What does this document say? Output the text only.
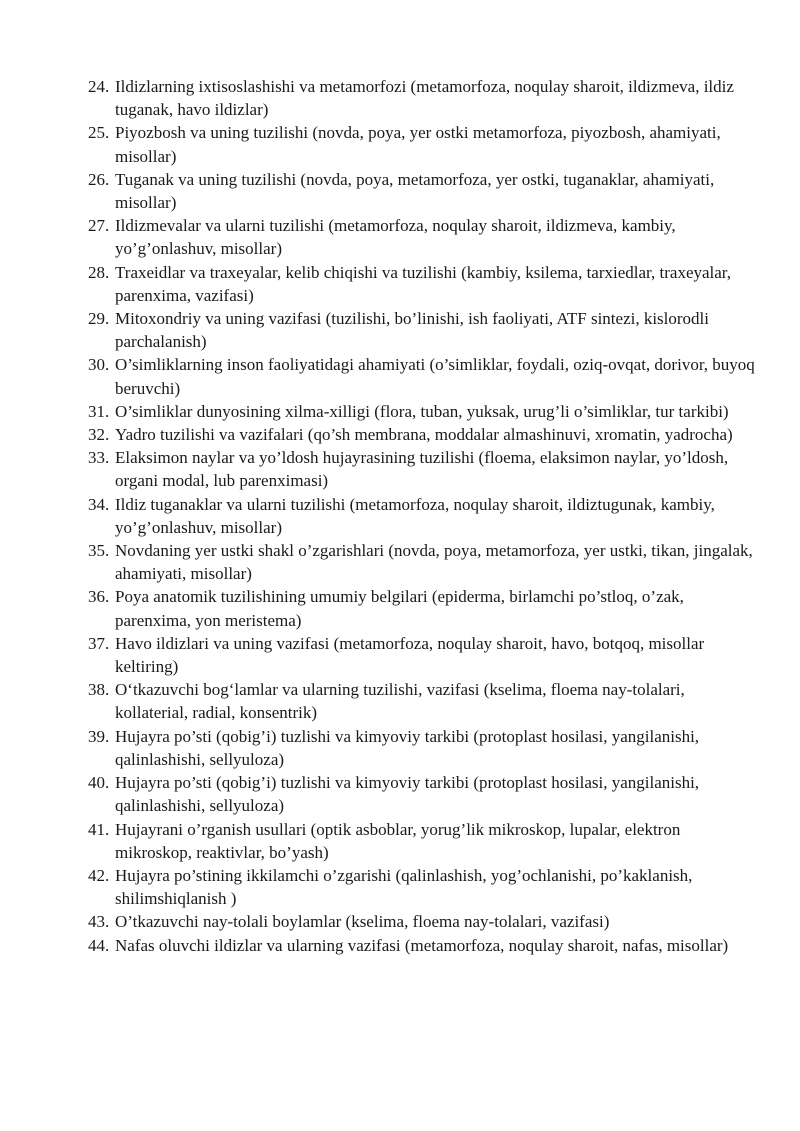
24. Ildizlarning ixtisoslashishi va metamorfozi (metamorfoza, noqulay sharoit, ildizmeva, ildiz tuganak, havo ildizlar)
25. Piyozbosh va uning tuzilishi (novda, poya, yer ostki metamorfoza, piyozbosh, ahamiyati, misollar)
26. Tuganak va uning tuzilishi (novda, poya, metamorfoza, yer ostki, tuganaklar, ahamiyati, misollar)
27. Ildizmevalar va ularni tuzilishi (metamorfoza, noqulay sharoit, ildizmeva, kambiy, yo’g’onlashuv, misollar)
28. Traxeidlar va traxeyalar, kelib chiqishi va tuzilishi (kambiy, ksilema, tarxiedlar, traxeyalar, parenxima, vazifasi)
29. Mitoxondriy va uning vazifasi (tuzilishi, bo’linishi, ish faoliyati, ATF sintezi, kislorodli parchalanish)
30. O’simliklarning inson faoliyatidagi ahamiyati (o’simliklar, foydali, oziq-ovqat, dorivor, buyoq beruvchi)
31. O’simliklar dunyosining xilma-xilligi (flora, tuban, yuksak, urug’li o’simliklar, tur tarkibi)
32. Yadro tuzilishi va vazifalari (qo’sh membrana, moddalar almashinuvi, xromatin, yadrocha)
33. Elaksimon naylar va yo’ldosh hujayrasining tuzilishi (floema, elaksimon naylar, yo’ldosh, organi modal, lub parenximasi)
34. Ildiz tuganaklar va ularni tuzilishi (metamorfoza, noqulay sharoit, ildiztugunak, kambiy, yo’g’onlashuv, misollar)
35. Novdaning yer ustki shakl o’zgarishlari (novda, poya, metamorfoza, yer ustki, tikan, jingalak, ahamiyati, misollar)
36. Poya anatomik tuzilishining umumiy belgilari (epiderma, birlamchi po’stloq, o’zak, parenxima, yon meristema)
37. Havo ildizlari va uning vazifasi (metamorfoza, noqulay sharoit, havo, botqoq, misollar keltiring)
38. O‘tkazuvchi bog‘lamlar va ularning tuzilishi, vazifasi (kselima, floema nay-tolalari, kollaterial, radial, konsentrik)
39. Hujayra po’sti (qobig’i) tuzlishi va kimyoviy tarkibi (protoplast hosilasi, yangilanishi, qalinlashishi, sellyuloza)
40. Hujayra po’sti (qobig’i) tuzlishi va kimyoviy tarkibi (protoplast hosilasi, yangilanishi, qalinlashishi, sellyuloza)
41. Hujayrani o’rganish usullari (optik asboblar, yorug’lik mikroskop, lupalar, elektron mikroskop, reaktivlar, bo’yash)
42. Hujayra po’stining ikkilamchi o’zgarishi (qalinlashish, yog’ochlanishi, po’kaklanish, shilimshiqlanish )
43. O’tkazuvchi nay-tolali boylamlar (kselima, floema nay-tolalari, vazifasi)
44. Nafas oluvchi ildizlar va ularning vazifasi (metamorfoza, noqulay sharoit, nafas, misollar)
